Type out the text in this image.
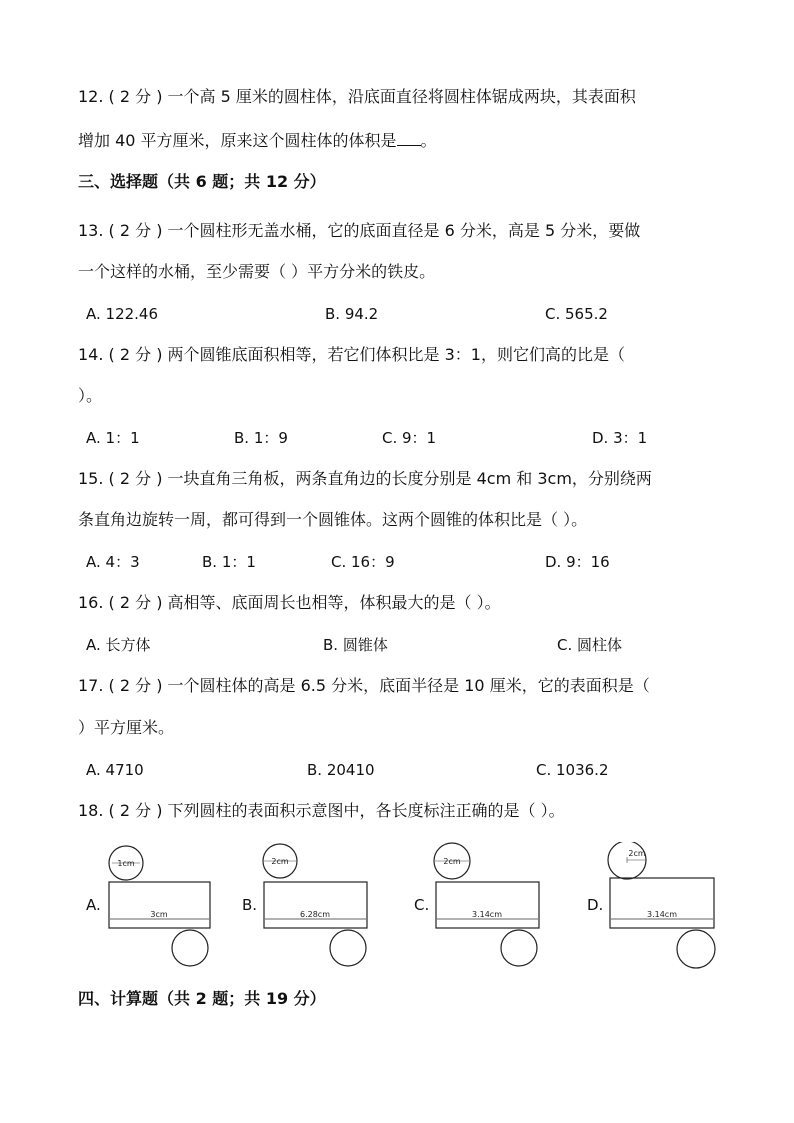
12. ( 2 分 ) 一个高 5 厘米的圆柱体，沿底面直径将圆柱体锯成两块，其表面积
增加 40 平方厘米，原来这个圆柱体的体积是 。
三、选择题（共 6 题；共 12 分）
13. ( 2 分 ) 一个圆柱形无盖水桶，它的底面直径是 6 分米，高是 5 分米，要做
一个这样的水桶，至少需要（ ）平方分米的铁皮。
A. 122.46	B. 94.2	C. 565.2
14. ( 2 分 ) 两个圆锥底面积相等，若它们体积比是 3：1，则它们高的比是（
）。
A. 1：1	B. 1：9	C. 9：1	D. 3：1
15. ( 2 分 ) 一块直角三角板，两条直角边的长度分别是 4cm 和 3cm，分别绕两
条直角边旋转一周，都可得到一个圆锥体。这两个圆锥的体积比是（ ）。
A. 4：3	B. 1：1	C. 16：9	D. 9：16
16. ( 2 分 ) 高相等、底面周长也相等，体积最大的是（ ）。
A. 长方体	B. 圆锥体	C. 圆柱体
17. ( 2 分 ) 一个圆柱体的高是 6.5 分米，底面半径是 10 厘米，它的表面积是（
）平方厘米。
A. 4710	B. 20410	C. 1036.2
18. ( 2 分 ) 下列圆柱的表面积示意图中，各长度标注正确的是（ ）。
A.
1cm
3cm
B.
2cm
6.28cm
C.
2cm
3.14cm
D.
2cm
3.14cm
四、计算题（共 2 题；共 19 分）
